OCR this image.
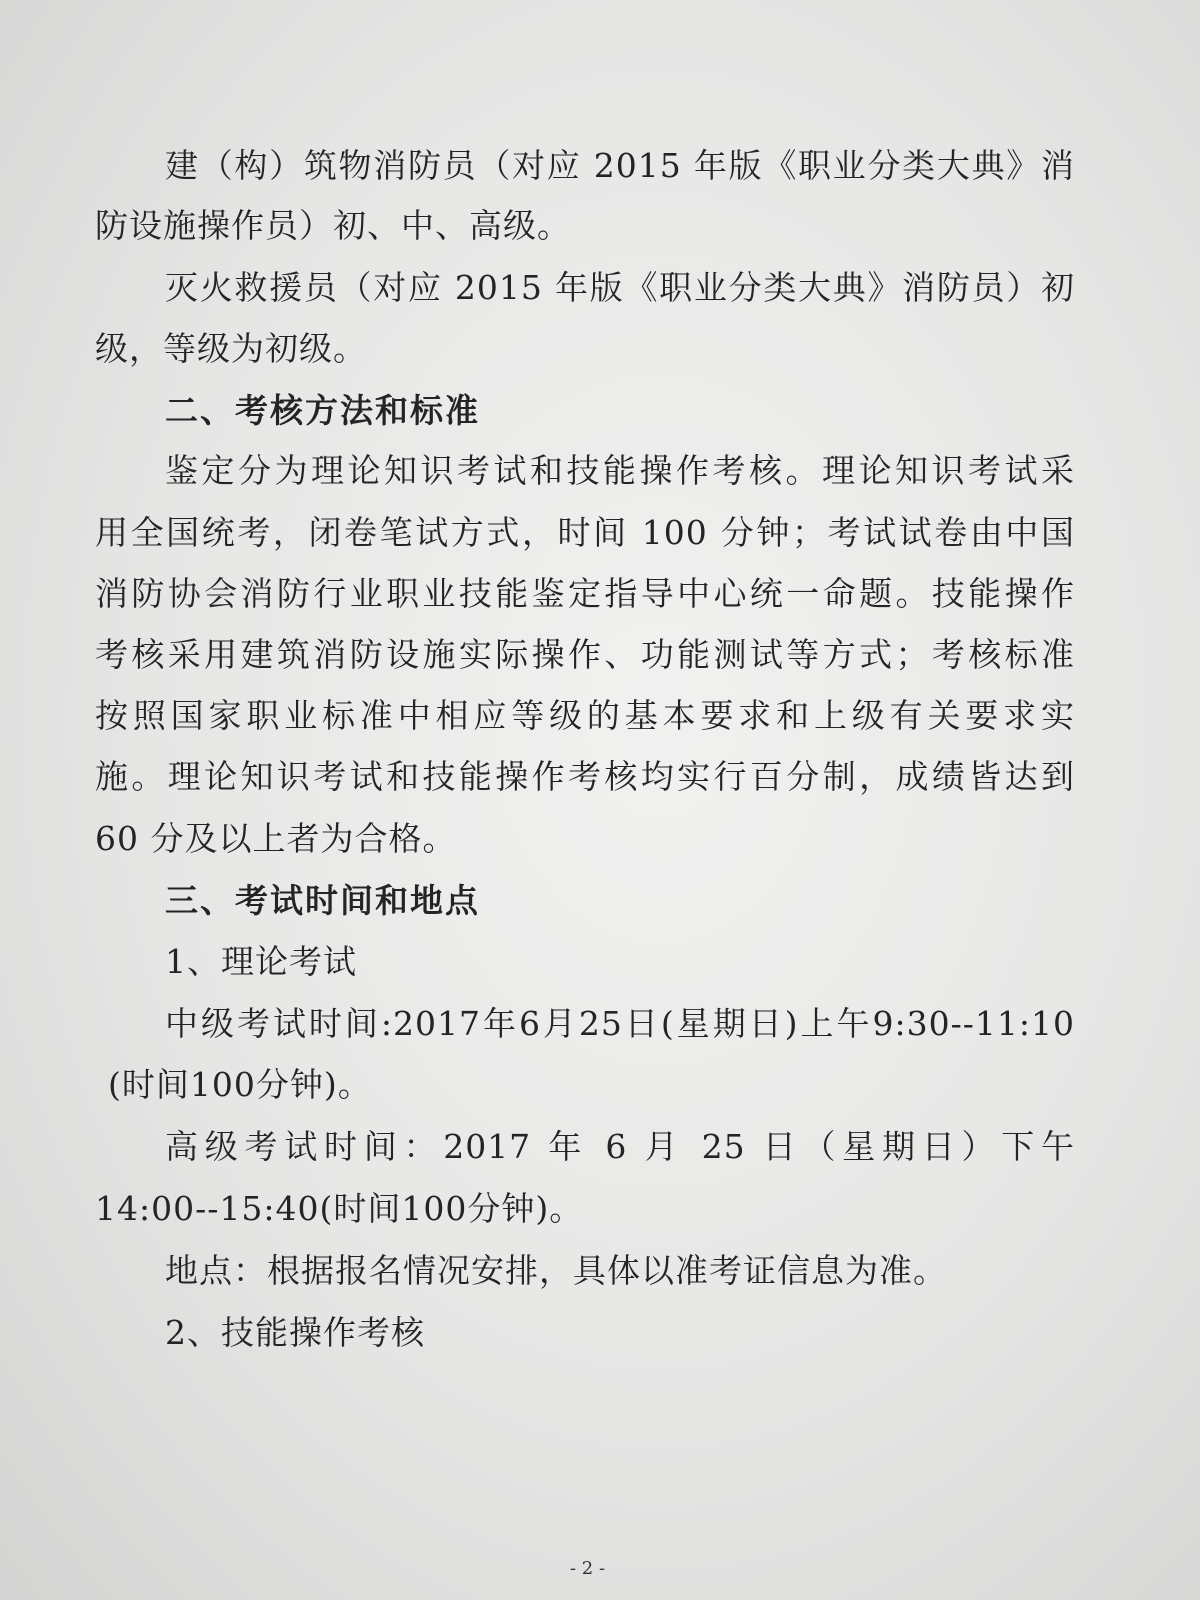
建（构）筑物消防员（对应 2015 年版《职业分类大典》消

防设施操作员）初、中、高级。

灭火救援员（对应 2015 年版《职业分类大典》消防员）初

级，等级为初级。

二、考核方法和标准

鉴定分为理论知识考试和技能操作考核。理论知识考试采

用全国统考，闭卷笔试方式，时间 100 分钟；考试试卷由中国

消防协会消防行业职业技能鉴定指导中心统一命题。技能操作

考核采用建筑消防设施实际操作、功能测试等方式；考核标准

按照国家职业标准中相应等级的基本要求和上级有关要求实

施。理论知识考试和技能操作考核均实行百分制，成绩皆达到

60 分及以上者为合格。

三、考试时间和地点

1、理论考试

中级考试时间:2017年6月25日(星期日)上午9:30--11:10

(时间100分钟)。

高级考试时间：2017 年 6 月 25 日（星期日）下午

14:00--15:40(时间100分钟)。

地点：根据报名情况安排，具体以准考证信息为准。

2、技能操作考核

- 2 -
